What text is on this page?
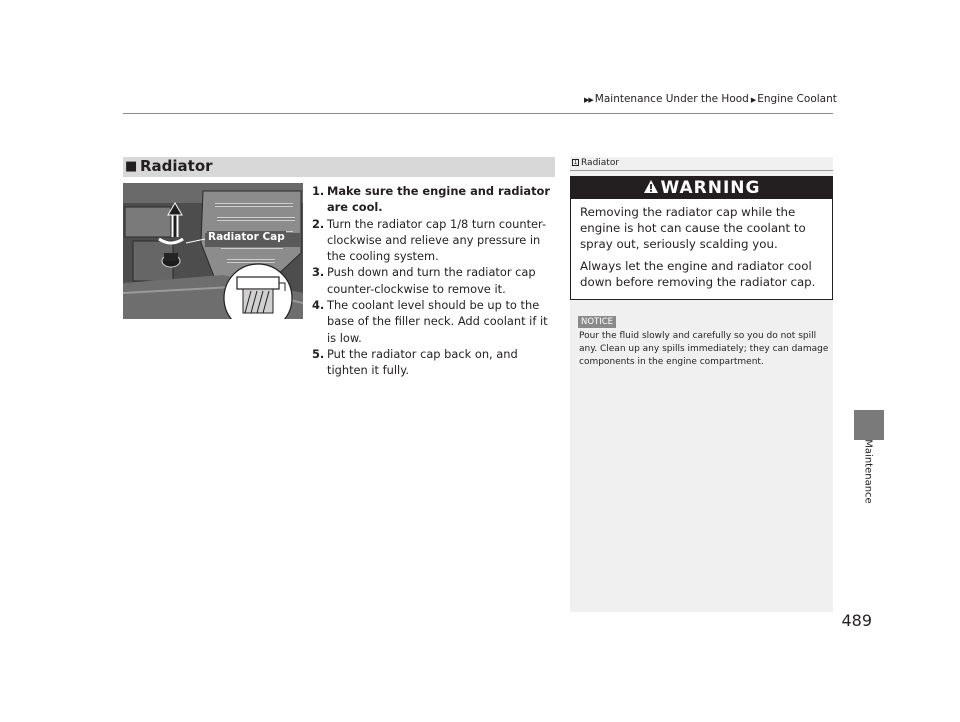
▶▶ Maintenance Under the Hood ▶ Engine Coolant
■ Radiator
Radiator Cap
1. Make sure the engine and radiator are cool.
2. Turn the radiator cap 1/8 turn counter-clockwise and relieve any pressure in the cooling system.
3. Push down and turn the radiator cap counter-clockwise to remove it.
4. The coolant level should be up to the base of the filler neck. Add coolant if it is low.
5. Put the radiator cap back on, and tighten it fully.
1 Radiator
WARNING
Removing the radiator cap while the engine is hot can cause the coolant to spray out, seriously scalding you.
Always let the engine and radiator cool down before removing the radiator cap.
NOTICE
Pour the fluid slowly and carefully so you do not spill any. Clean up any spills immediately; they can damage components in the engine compartment.
Maintenance
489
